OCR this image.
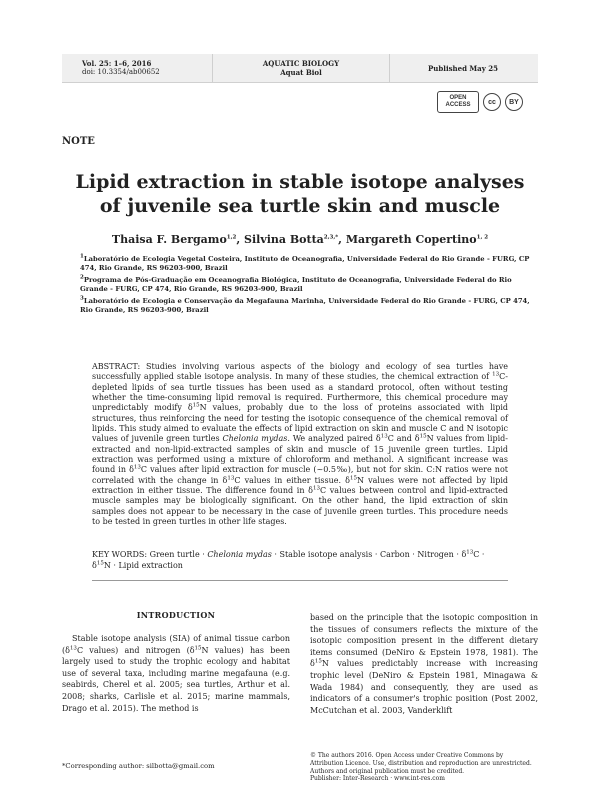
Vol. 25: 1–6, 2016
doi: 10.3354/ab00652
AQUATIC BIOLOGY
Aquat Biol	Published May 25
OPEN
ACCESS	cc	BY
NOTE
Lipid extraction in stable isotope analyses of juvenile sea turtle skin and muscle
Thaisa F. Bergamo$^{1,2}$, Silvina Botta$^{2,3,*}$, Margareth Copertino$^{1, 2}$

$^1$Laboratório de Ecologia Vegetal Costeira, Instituto de Oceanografia, Universidade Federal do Rio Grande - FURG, CP 474, Rio Grande, RS 96203-900, Brazil

$^2$Programa de Pós-Graduação em Oceanografia Biológica, Instituto de Oceanografia, Universidade Federal do Rio Grande - FURG, CP 474, Rio Grande, RS 96203-900, Brazil

$^3$Laboratório de Ecologia e Conservação da Megafauna Marinha, Universidade Federal do Rio Grande - FURG, CP 474, Rio Grande, RS 96203-900, Brazil

ABSTRACT: Studies involving various aspects of the biology and ecology of sea turtles have successfully applied stable isotope analysis. In many of these studies, the chemical extraction of $^{13}$C-depleted lipids of sea turtle tissues has been used as a standard protocol, often without testing whether the time-consuming lipid removal is required. Furthermore, this chemical procedure may unpredictably modify $\delta^{15}N$ values, probably due to the loss of proteins associated with lipid structures, thus reinforcing the need for testing the isotopic consequence of the chemical removal of lipids. This study aimed to evaluate the effects of lipid extraction on skin and muscle C and N isotopic values of juvenile green turtles Chelonia mydas. We analyzed paired $\delta^{13}C$ and $\delta^{15}N$ values from lipid-extracted and non-lipid-extracted samples of skin and muscle of 15 juvenile green turtles. Lipid extraction was performed using a mixture of chloroform and methanol. A significant increase was found in $\delta^{13}C$ values after lipid extraction for muscle (~0.5‰), but not for skin. C:N ratios were not correlated with the change in $\delta^{13}C$ values in either tissue. $\delta^{15}N$ values were not affected by lipid extraction in either tissue. The difference found in $\delta^{13}C$ values between control and lipid-extracted muscle samples may be biologically significant. On the other hand, the lipid extraction of skin samples does not appear to be necessary in the case of juvenile green turtles. This procedure needs to be tested in green turtles in other life stages.
KEY WORDS: Green turtle · Chelonia mydas · Stable isotope analysis · Carbon · Nitrogen · $\delta^{13}C$ ·
$\delta^{15}N$ · Lipid extraction
INTRODUCTION

Stable isotope analysis (SIA) of animal tissue carbon ($\delta^{13}C$ values) and nitrogen ($\delta^{15}N$ values) has been largely used to study the trophic ecology and habitat use of several taxa, including marine megafauna (e.g. seabirds, Cherel et al. 2005; sea turtles, Arthur et al. 2008; sharks, Carlisle et al. 2015; marine mammals, Drago et al. 2015). The method is

based on the principle that the isotopic composition in the tissues of consumers reflects the mixture of the isotopic composition present in the different dietary items consumed (DeNiro & Epstein 1978, 1981). The $\delta^{15}N$ values predictably increase with increasing trophic level (DeNiro & Epstein 1981, Minagawa & Wada 1984) and consequently, they are used as indicators of a consumer's trophic position (Post 2002, McCutchan et al. 2003, Vanderklift

*Corresponding author: silbotta@gmail.com
© The authors 2016. Open Access under Creative Commons by Attribution Licence. Use, distribution and reproduction are unrestricted. Authors and original publication must be credited.
Publisher: Inter-Research · www.int-res.com
